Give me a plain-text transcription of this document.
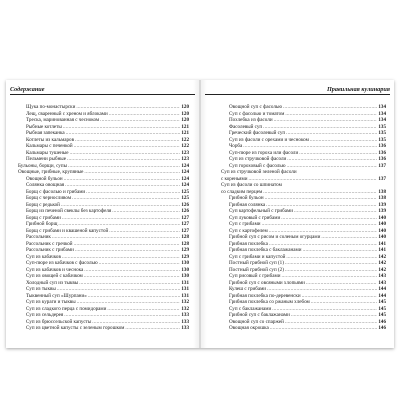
Содержание
Щука по-монастырски .....	120
Лещ, сваренный с хреном и яблоками .....	120
Треска, маринованная с чесноком .....	120
Рыбные котлеты .....	121
Рыбная запеканка .....	121
Котлеты из кальмаров .....	122
Кальмары с печенкой .....	122
Кальмары тушеные .....	123
Пельмени рыбные .....	123
Бульоны, борщи, супы .....	124
Овощные, грибные, крупяные .....	124
Овощной бульон .....	124
Солянка овощная .....	124
Борщ с фасолью и грибами .....	125
Борщ с черносливом .....	125
Борщ с редькой .....	126
Борщ из печеной свеклы без картофеля .....	126
Борщ с грибами .....	127
Грибной борщ .....	127
Борщ с грибами и квашеной капустой .....	127
Рассольник .....	128
Рассольник с гречкой .....	128
Рассольник с грибами .....	129
Суп из кабачков .....	129
Суп-пюре из кабачков с фасолью .....	130
Суп из кабачков и чеснока .....	130
Суп из овощей с кабачком .....	130
Холодный суп из тыквы .....	131
Суп из тыквы .....	131
Тыквенный суп «Шурпани» .....	131
Суп из кураги и тыквы .....	132
Суп из сладкого перца с помидорами .....	132
Суп из сельдерея .....	133
Суп из брюссельской капусты .....	133
Суп из цветной капусты с зеленым горошком .....	133
Правильная кулинария
Овощной суп с фасолью .....	134
Суп с фасолью и томатом .....	134
Похлебка из фасоли .....	134
Фасолевый суп .....	135
Греческий фасолевый суп .....	135
Суп из фасоли с орехами и чесноком .....	135
Чорба .....	136
Суп-пюре из гороха или фасоли .....	136
Суп из стручковой фасоли .....	136
Суп гороховый с фасолью .....	137
Суп из стручковой зеленой фасоли
с кореньями .....	137
Суп из фасоли со шпинатом
со сладким перцем .....	138
Грибной бульон .....	138
Грибная солянка .....	139
Суп картофельный с грибами .....	139
Суп луковый с грибами .....	140
Суп с грибами .....	140
Суп с картофелем .....	140
Грибной суп с рисом и соленым огурцами .....	140
Грибная похлебка .....	141
Грибная похлебка с баклажанами .....	141
Суп с грибами и капустой .....	142
Постный грибной суп (1) .....	142
Постный грибной суп (2) .....	142
Суп рисовый с грибами .....	143
Грибной суп с овсяными хлопьями .....	143
Кулеш с грибами .....	144
Грибная похлебка по-деревенски .....	144
Грибная похлебка со ржаным хлебом .....	145
Суп с баклажанами .....	145
Грибной суп с баклажанами .....	145
Овощной суп со спаржей .....	146
Овощная окрошка .....	146
